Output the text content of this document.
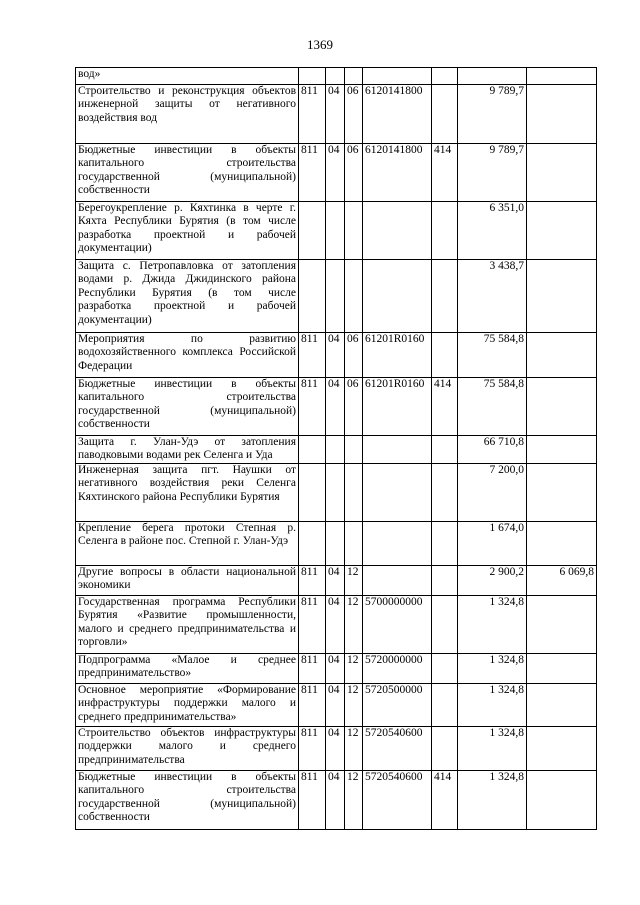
1369
вод»							
Строительство и реконструкция объектов инженерной защиты от негативного воздействия вод	811	04	06	6120141800		9 789,7	
Бюджетные инвестиции в объекты капитального строительства государственной (муниципальной) собственности	811	04	06	6120141800	414	9 789,7	
Берегоукрепление р. Кяхтинка в черте г. Кяхта Республики Бурятия (в том числе разработка проектной и рабочей документации)						6 351,0	
Защита с. Петропавловка от затопления водами р. Джида Джидинского района Республики Бурятия (в том числе разработка проектной и рабочей документации)						3 438,7	
Мероприятия по развитию водохозяйственного комплекса Российской Федерации	811	04	06	61201R0160		75 584,8	
Бюджетные инвестиции в объекты капитального строительства государственной (муниципальной) собственности	811	04	06	61201R0160	414	75 584,8	
Защита г. Улан-Удэ от затопления паводковыми водами рек Селенга и Уда						66 710,8	
Инженерная защита пгт. Наушки от негативного воздействия реки Селенга Кяхтинского района Республики Бурятия						7 200,0	
Крепление берега протоки Степная р. Селенга в районе пос. Степной г. Улан-Удэ						1 674,0	
Другие вопросы в области национальной экономики	811	04	12			2 900,2	6 069,8
Государственная программа Республики Бурятия «Развитие промышленности, малого и среднего предпринимательства и торговли»	811	04	12	5700000000		1 324,8	
Подпрограмма «Малое и среднее предпринимательство»	811	04	12	5720000000		1 324,8	
Основное мероприятие «Формирование инфраструктуры поддержки малого и среднего предпринимательства»	811	04	12	5720500000		1 324,8	
Строительство объектов инфраструктуры поддержки малого и среднего предпринимательства	811	04	12	5720540600		1 324,8	
Бюджетные инвестиции в объекты капитального строительства государственной (муниципальной) собственности	811	04	12	5720540600	414	1 324,8	
